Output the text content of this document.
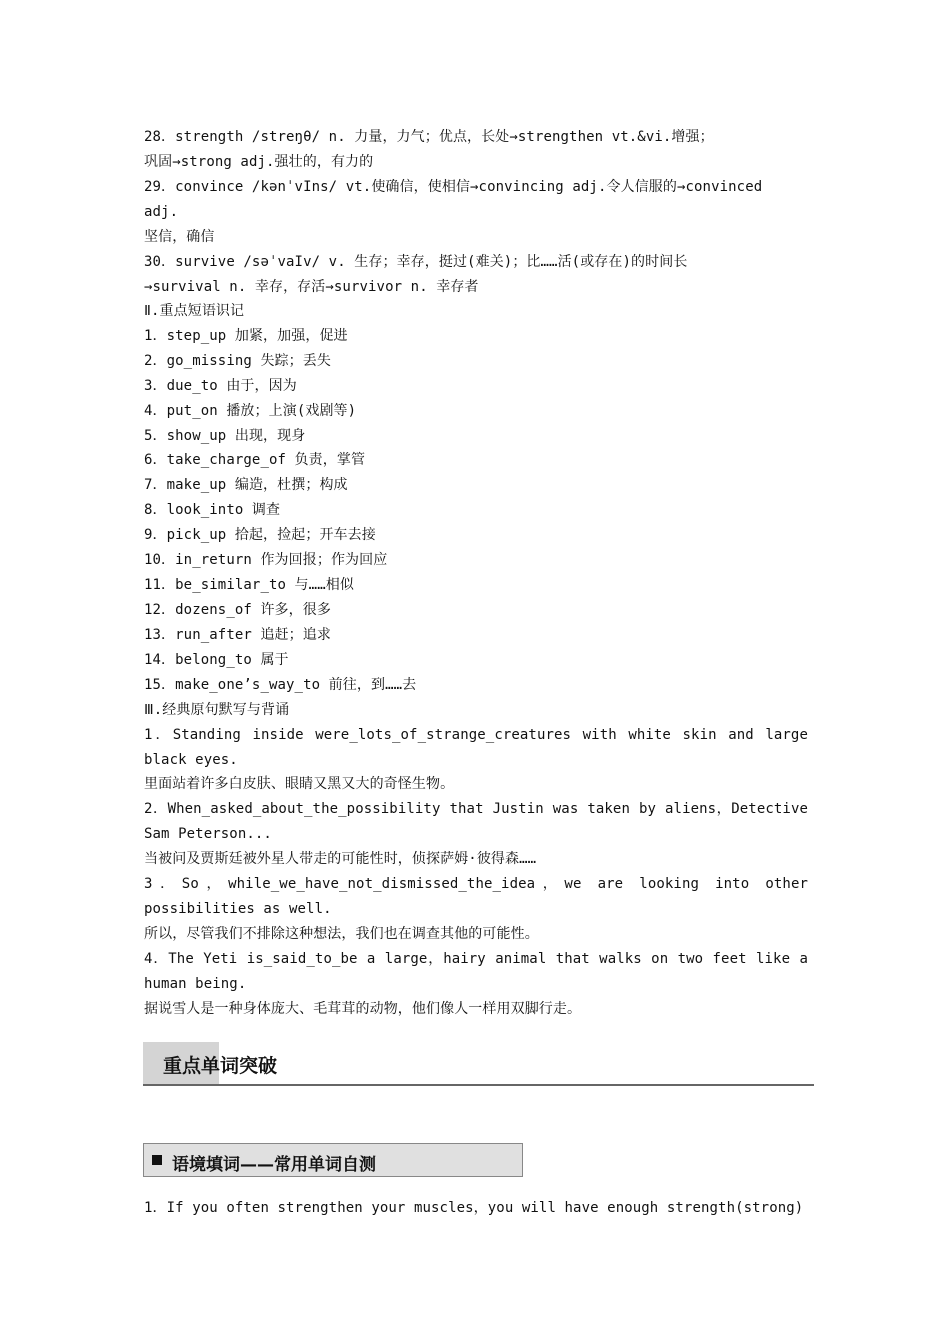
28．strength /streŋθ/ n. 力量，力气；优点，长处→strengthen vt.&vi.增强；
巩固→strong adj.强壮的，有力的
29．convince /kənˈvIns/ vt.使确信，使相信→convincing adj.令人信服的→convinced
adj.
坚信，确信
30．survive /səˈvaIv/ v. 生存；幸存，挺过(难关)；比……活(或存在)的时间长
→survival n. 幸存，存活→survivor n. 幸存者
Ⅱ.重点短语识记
1．step_up 加紧，加强，促进
2．go_missing 失踪；丢失
3．due_to 由于，因为
4．put_on 播放；上演(戏剧等)
5．show_up 出现，现身
6．take_charge_of 负责，掌管
7．make_up 编造，杜撰；构成
8．look_into 调查
9．pick_up 拾起，捡起；开车去接
10．in_return 作为回报；作为回应
11．be_similar_to 与……相似
12．dozens_of 许多，很多
13．run_after 追赶；追求
14．belong_to 属于
15．make_one’s_way_to 前往，到……去
Ⅲ.经典原句默写与背诵
1．Standing inside were_lots_of_strange_creatures with white skin and large
black eyes.
里面站着许多白皮肤、眼睛又黑又大的奇怪生物。
2．When_asked_about_the_possibility that Justin was taken by aliens，Detective
Sam Peterson...
当被问及贾斯廷被外星人带走的可能性时，侦探萨姆·彼得森……
3．So，while_we_have_not_dismissed_the_idea，we are looking into other
possibilities as well.
所以，尽管我们不排除这种想法，我们也在调查其他的可能性。
4．The Yeti is_said_to_be a large，hairy animal that walks on two feet like a
human being.
据说雪人是一种身体庞大、毛茸茸的动物，他们像人一样用双脚行走。
重点单词突破
语境填词——常用单词自测
1．If you often strengthen your muscles，you will have enough strength(strong)
